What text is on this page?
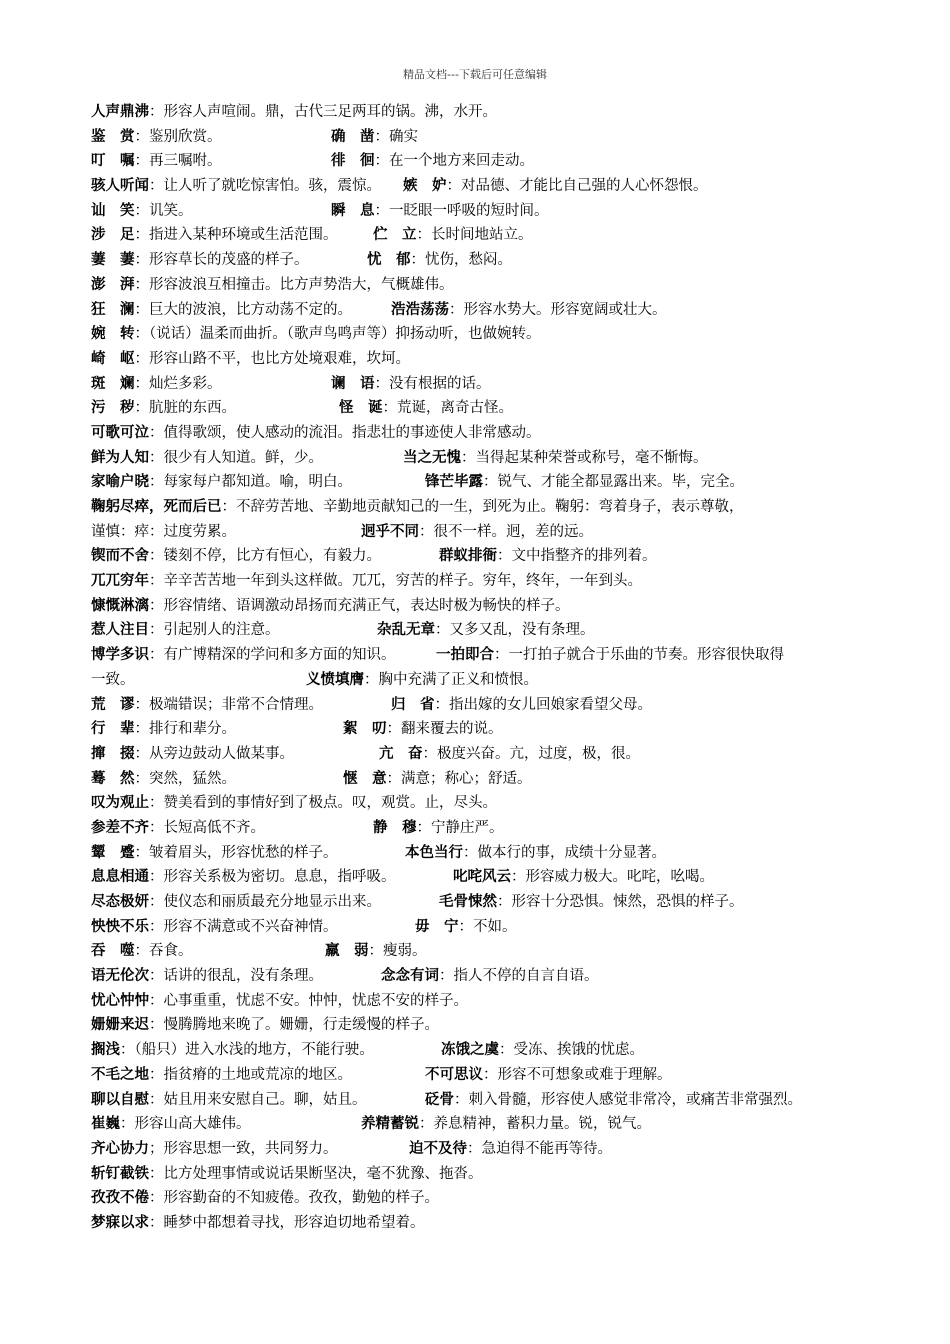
精品文档---下载后可任意编辑
人声鼎沸：形容人声喧闹。鼎，古代三足两耳的锅。沸，水开。
鉴　赏：鉴别欣赏。	确　凿：确实
叮　嘱：再三嘱咐。	徘　徊：在一个地方来回走动。
骇人听闻：让人听了就吃惊害怕。骇，震惊。 嫉　妒：对品德、才能比自己强的人心怀怨恨。
讪　笑：讥笑。	瞬　息：一眨眼一呼吸的短时间。
涉　足：指进入某种环境或生活范围。 伫　立：长时间地站立。
萋　萋：形容草长的茂盛的样子。	忧　郁：忧伤，愁闷。
澎　湃：形容波浪互相撞击。比方声势浩大，气概雄伟。
狂　澜：巨大的波浪，比方动荡不定的。	浩浩荡荡：形容水势大。形容宽阔或壮大。
婉　转：（说话）温柔而曲折。（歌声鸟鸣声等）抑扬动听，也做婉转。
崎　岖：形容山路不平，也比方处境艰难，坎坷。
斑　斓：灿烂多彩。	谰　语：没有根据的话。
污　秽：肮脏的东西。	怪　诞：荒诞，离奇古怪。
可歌可泣：值得歌颂，使人感动的流泪。指悲壮的事迹使人非常感动。
鲜为人知：很少有人知道。鲜，少。	当之无愧：当得起某种荣誉或称号，毫不惭悔。
家喻户晓：每家每户都知道。喻，明白。	锋芒毕露：锐气、才能全都显露出来。毕，完全。
鞠躬尽瘁，死而后已：不辞劳苦地、辛勤地贡献知己的一生，到死为止。鞠躬：弯着身子，表示尊敬，
谨慎：瘁：过度劳累。	迥乎不同：很不一样。迥，差的远。
锲而不舍：镂刻不停，比方有恒心，有毅力。	群蚁排衙：文中指整齐的排列着。
兀兀穷年：辛辛苦苦地一年到头这样做。兀兀，穷苦的样子。穷年，终年，一年到头。
慷慨淋漓：形容情绪、语调激动昂扬而充满正气，表达时极为畅快的样子。
惹人注目：引起别人的注意。	杂乱无章：又多又乱，没有条理。
博学多识：有广博精深的学问和多方面的知识。	一拍即合：一打拍子就合于乐曲的节奏。形容很快取得
一致。	义愤填膺：胸中充满了正义和愤恨。
荒　谬：极端错误；非常不合情理。	归　省：指出嫁的女儿回娘家看望父母。
行　辈：排行和辈分。	絮　叨：翻来覆去的说。
撺　掇：从旁边鼓动人做某事。	亢　奋：极度兴奋。亢，过度，极，很。
蓦　然：突然，猛然。	惬　意：满意；称心；舒适。
叹为观止：赞美看到的事情好到了极点。叹，观赏。止，尽头。
参差不齐：长短高低不齐。	静　穆：宁静庄严。
颦　蹙：皱着眉头，形容忧愁的样子。	本色当行：做本行的事，成绩十分显著。
息息相通：形容关系极为密切。息息，指呼吸。	叱咤风云：形容威力极大。叱咤，吆喝。
尽态极妍：使仪态和丽质最充分地显示出来。	毛骨悚然：形容十分恐惧。悚然，恐惧的样子。
怏怏不乐：形容不满意或不兴奋神情。	毋　宁：不如。
吞　噬：吞食。	羸　弱：瘦弱。
语无伦次：话讲的很乱，没有条理。	念念有词：指人不停的自言自语。
忧心忡忡：心事重重，忧虑不安。忡忡，忧虑不安的样子。
姗姗来迟：慢腾腾地来晚了。姗姗，行走缓慢的样子。
搁浅：（船只）进入水浅的地方，不能行驶。	冻饿之虞：受冻、挨饿的忧虑。
不毛之地：指贫瘠的土地或荒凉的地区。	不可思议：形容不可想象或难于理解。
聊以自慰：姑且用来安慰自己。聊，姑且。	砭骨：刺入骨髓，形容使人感觉非常冷，或痛苦非常强烈。
崔巍：形容山高大雄伟。	养精蓄锐：养息精神，蓄积力量。锐，锐气。
齐心协力；形容思想一致，共同努力。	迫不及待：急迫得不能再等待。
斩钉截铁：比方处理事情或说话果断坚决，毫不犹豫、拖沓。
孜孜不倦：形容勤奋的不知疲倦。孜孜，勤勉的样子。
梦寐以求：睡梦中都想着寻找，形容迫切地希望着。
